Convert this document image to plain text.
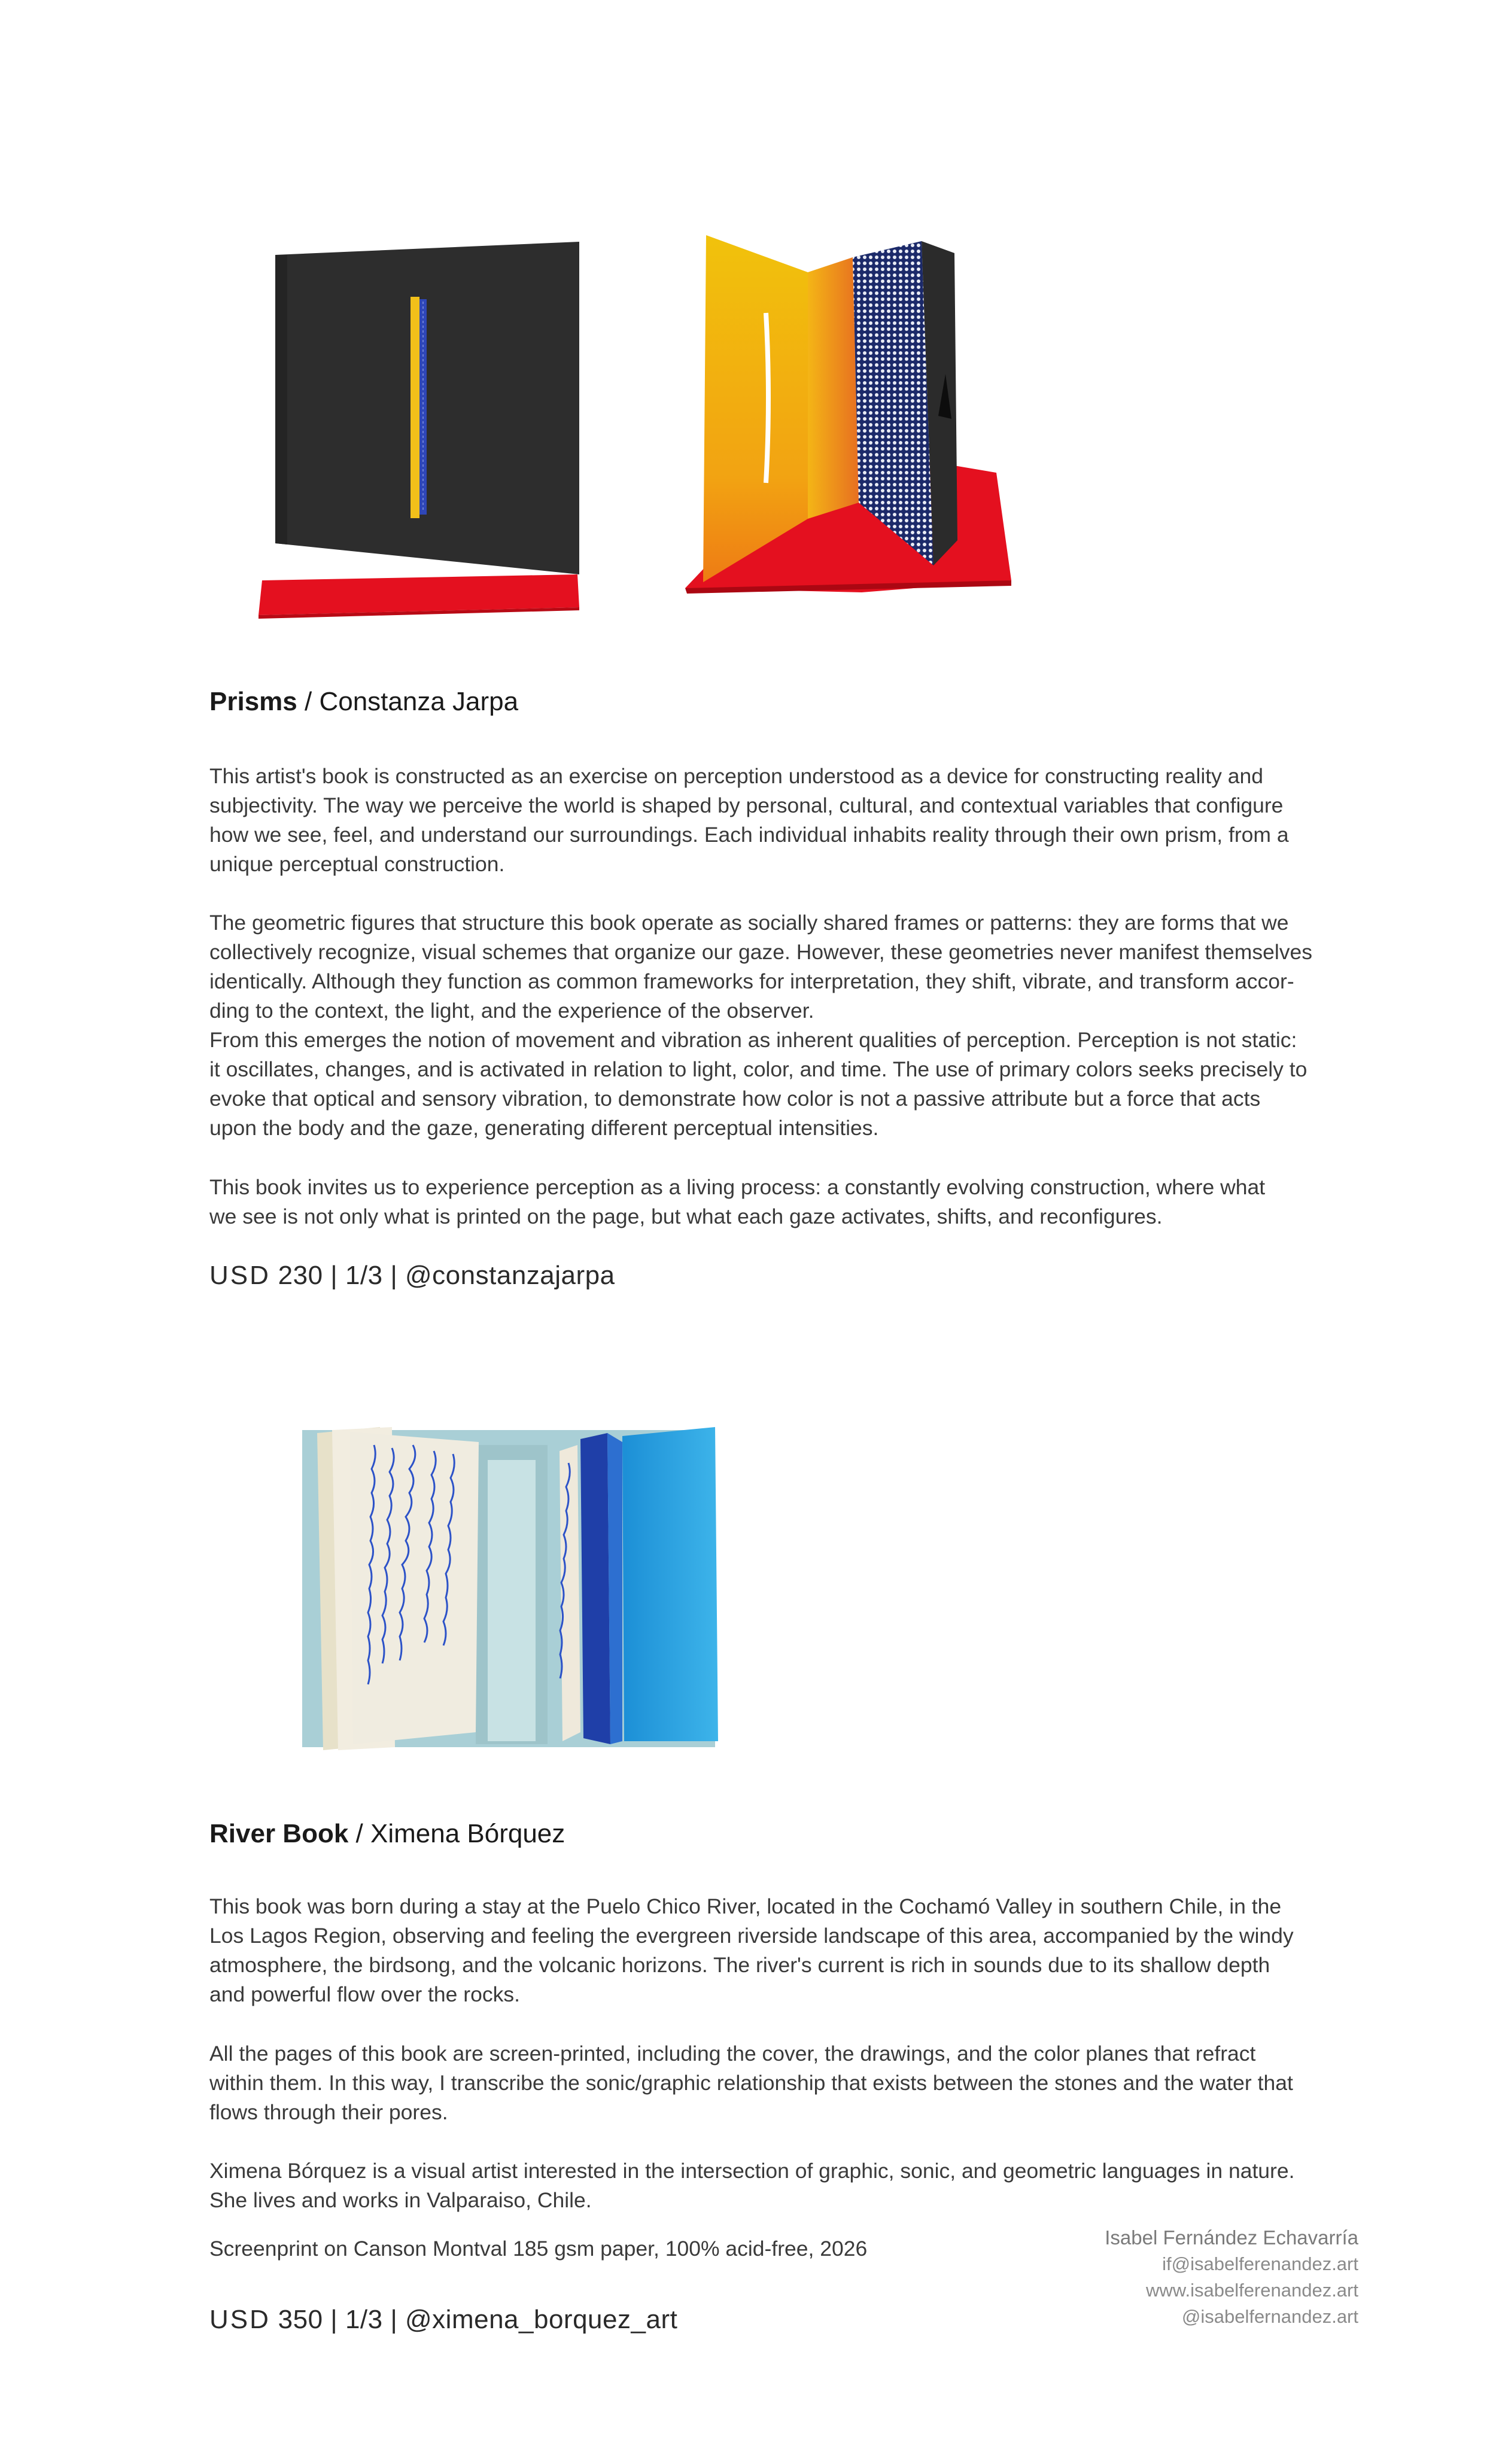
Prisms / Constanza Jarpa

This artist's book is constructed as an exercise on perception understood as a device for constructing reality and
subjectivity. The way we perceive the world is shaped by personal, cultural, and contextual variables that configure
how we see, feel, and understand our surroundings. Each individual inhabits reality through their own prism, from a
unique perceptual construction.

The geometric figures that structure this book operate as socially shared frames or patterns: they are forms that we
collectively recognize, visual schemes that organize our gaze. However, these geometries never manifest themselves
identically. Although they function as common frameworks for interpretation, they shift, vibrate, and transform accor-
ding to the context, the light, and the experience of the observer.
From this emerges the notion of movement and vibration as inherent qualities of perception. Perception is not static:
it oscillates, changes, and is activated in relation to light, color, and time. The use of primary colors seeks precisely to
evoke that optical and sensory vibration, to demonstrate how color is not a passive attribute but a force that acts
upon the body and the gaze, generating different perceptual intensities.

This book invites us to experience perception as a living process: a constantly evolving construction, where what
we see is not only what is printed on the page, but what each gaze activates, shifts, and reconfigures.

USD 230 | 1/3 | @constanzajarpa
River Book / Ximena Bórquez

This book was born during a stay at the Puelo Chico River, located in the Cochamó Valley in southern Chile, in the
Los Lagos Region, observing and feeling the evergreen riverside landscape of this area, accompanied by the windy
atmosphere, the birdsong, and the volcanic horizons. The river's current is rich in sounds due to its shallow depth
and powerful flow over the rocks.

All the pages of this book are screen-printed, including the cover, the drawings, and the color planes that refract
within them. In this way, I transcribe the sonic/graphic relationship that exists between the stones and the water that
flows through their pores.

Ximena Bórquez is a visual artist interested in the intersection of graphic, sonic, and geometric languages in nature.
She lives and works in Valparaiso, Chile.

Screenprint on Canson Montval 185 gsm paper, 100% acid-free, 2026
USD 350 | 1/3 | @ximena_borquez_art
Isabel Fernández Echavarría
if@isabelferenandez.art
www.isabelferenandez.art
@isabelfernandez.art
